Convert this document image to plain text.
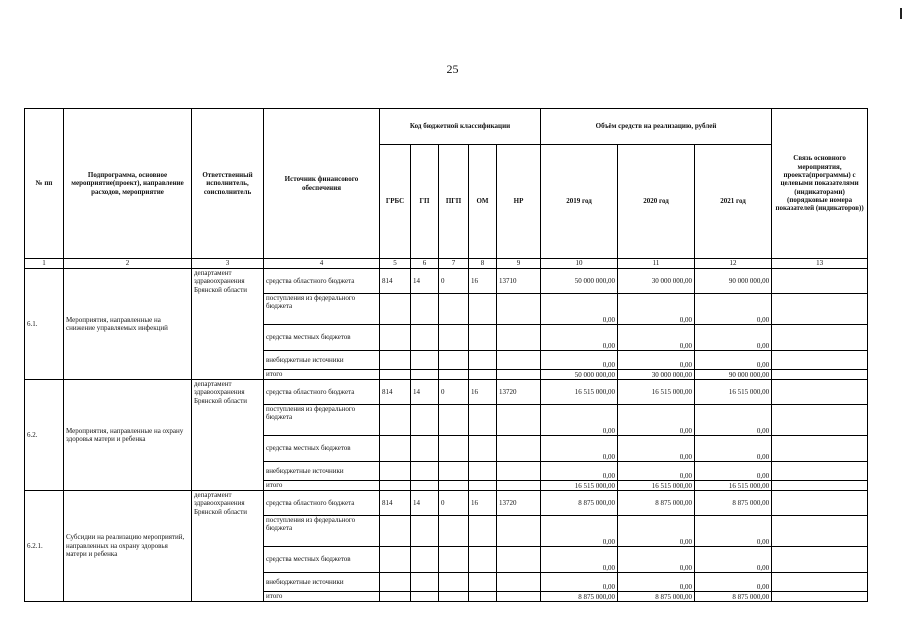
25
№ пп	Подпрограмма, основное мероприятие(проект), направление расходов, мероприятие	Ответственный исполнитель, соисполнитель	Источник финансового обеспечения	Код бюджетной классификации					Объём средств на реализацию, рублей			Связь основного мероприятия, проекта(программы) с целевыми показателями (индикаторами) (порядковые номера показателей (индикаторов))
				ГРБС	ГП	ПГП	ОМ	НР	2019 год	2020 год	2021 год	
1	2	3	4	5	6	7	8	9	10	11	12	13
6.1.	Мероприятия, направленные на снижение управляемых инфекций	департамент здравоохранения Брянской области	средства областного бюджета	814	14	0	16	13710	50 000 000,00	30 000 000,00	90 000 000,00	
			поступления из федерального бюджета						0,00	0,00	0,00	
			средства местных бюджетов						0,00	0,00	0,00	
			внебюджетные источники						0,00	0,00	0,00	
			итого						50 000 000,00	30 000 000,00	90 000 000,00	
6.2.	Мероприятия, направленные на охрану здоровья матери и ребенка	департамент здравоохранения Брянской области	средства областного бюджета	814	14	0	16	13720	16 515 000,00	16 515 000,00	16 515 000,00	
			поступления из федерального бюджета						0,00	0,00	0,00	
			средства местных бюджетов						0,00	0,00	0,00	
			внебюджетные источники						0,00	0,00	0,00	
			итого						16 515 000,00	16 515 000,00	16 515 000,00	
6.2.1.	Субсидии на реализацию мероприятий, направленных на охрану здоровья матери и ребенка	департамент здравоохранения Брянской области	средства областного бюджета	814	14	0	16	13720	8 875 000,00	8 875 000,00	8 875 000,00	
			поступления из федерального бюджета						0,00	0,00	0,00	
			средства местных бюджетов						0,00	0,00	0,00	
			внебюджетные источники						0,00	0,00	0,00	
			итого						8 875 000,00	8 875 000,00	8 875 000,00	
